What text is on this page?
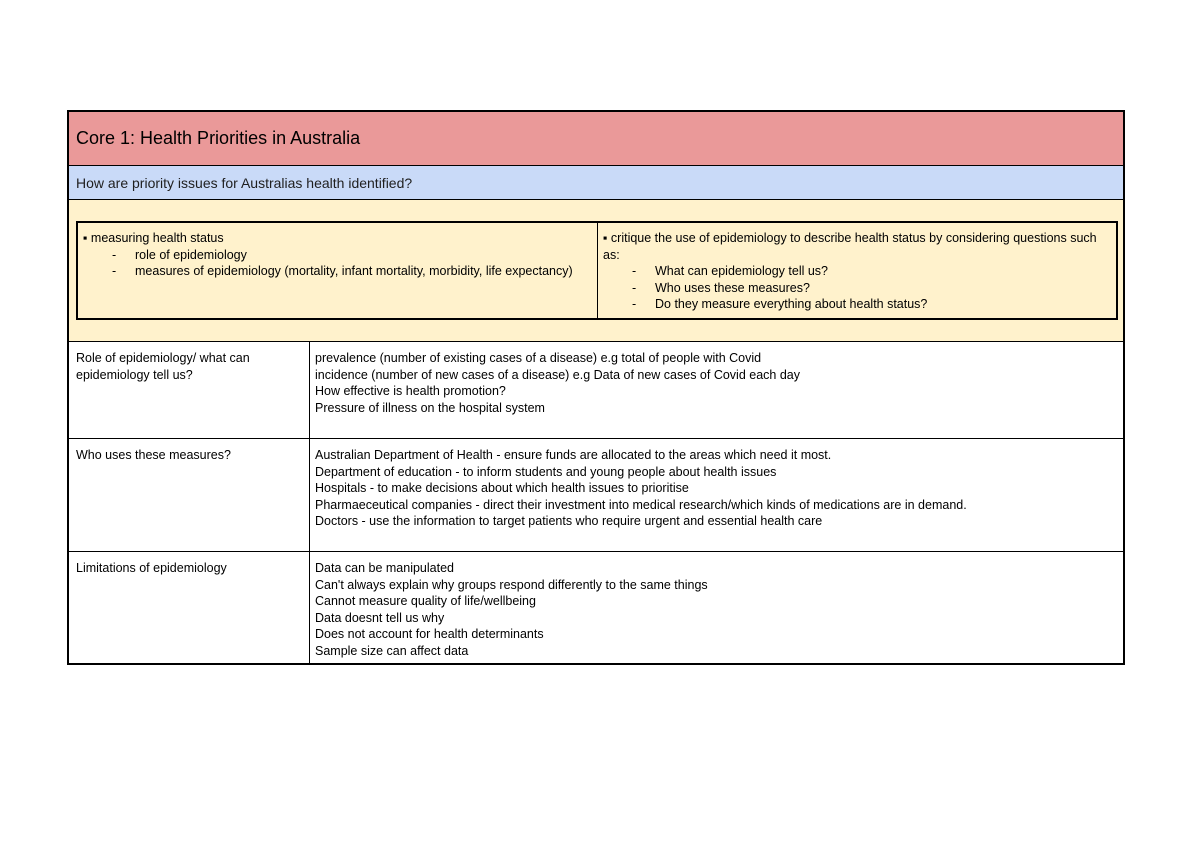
Core 1: Health Priorities in Australia
How are priority issues for Australias health identified?
▪ measuring health status
- role of epidemiology
- measures of epidemiology (mortality, infant mortality, morbidity, life expectancy)
▪ critique the use of epidemiology to describe health status by considering questions such as:
- What can epidemiology tell us?
- Who uses these measures?
- Do they measure everything about health status?
Role of epidemiology/ what can epidemiology tell us?
prevalence (number of existing cases of a disease) e.g total of people with Covid
incidence (number of new cases of a disease) e.g Data of new cases of Covid each day
How effective is health promotion?
Pressure of illness on the hospital system
Who uses these measures?	Australian Department of Health - ensure funds are allocated to the areas which need it most.
Department of education - to inform students and young people about health issues
Hospitals - to make decisions about which health issues to prioritise
Pharmaeceutical companies - direct their investment into medical research/which kinds of medications are in demand.
Doctors - use the information to target patients who require urgent and essential health care
Limitations of epidemiology	Data can be manipulated
Can't always explain why groups respond differently to the same things
Cannot measure quality of life/wellbeing
Data doesnt tell us why
Does not account for health determinants
Sample size can affect data
